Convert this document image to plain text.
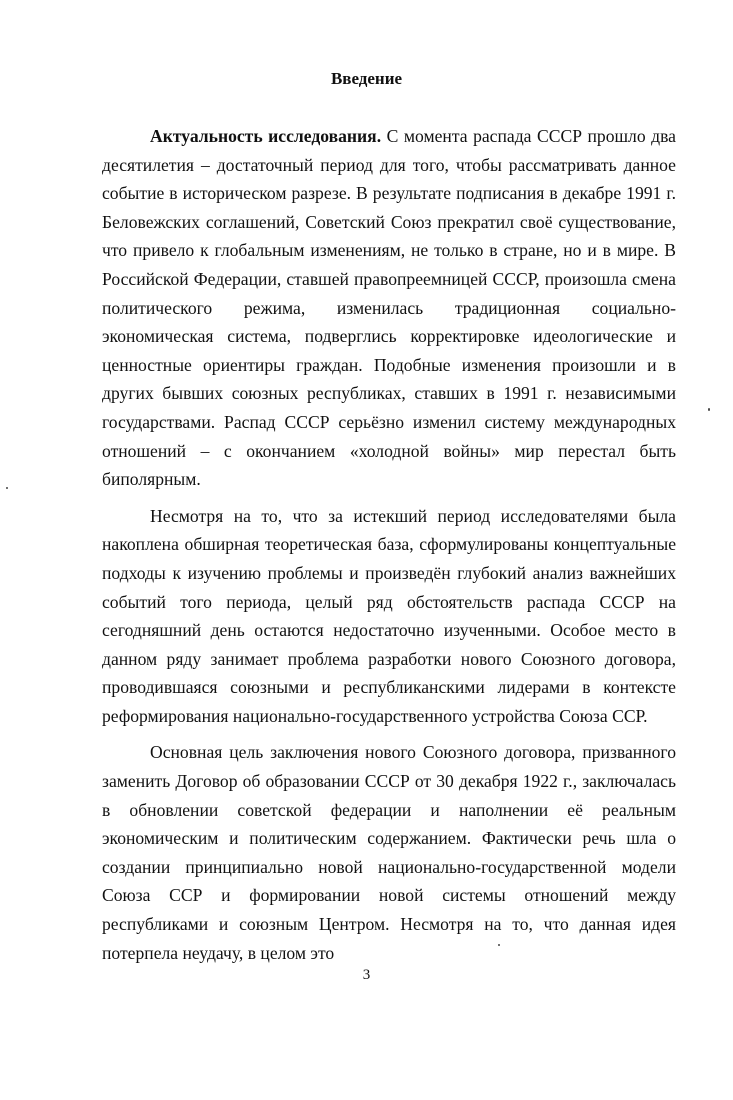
Введение

Актуальность исследования. С момента распада СССР прошло два десятилетия – достаточный период для того, чтобы рассматривать данное событие в историческом разрезе. В результате подписания в декабре 1991 г. Беловежских соглашений, Советский Союз прекратил своё существование, что привело к глобальным изменениям, не только в стране, но и в мире. В Российской Федерации, ставшей правопреемницей СССР, произошла смена политического режима, изменилась традиционная социально-экономическая система, подверглись корректировке идеологические и ценностные ориентиры граждан. Подобные изменения произошли и в других бывших союзных республиках, ставших в 1991 г. независимыми государствами. Распад СССР серьёзно изменил систему международных отношений – с окончанием «холодной войны» мир перестал быть биполярным.

Несмотря на то, что за истекший период исследователями была накоплена обширная теоретическая база, сформулированы концептуальные подходы к изучению проблемы и произведён глубокий анализ важнейших событий того периода, целый ряд обстоятельств распада СССР на сегодняшний день остаются недостаточно изученными. Особое место в данном ряду занимает проблема разработки нового Союзного договора, проводившаяся союзными и республиканскими лидерами в контексте реформирования национально-государственного устройства Союза ССР.

Основная цель заключения нового Союзного договора, призванного заменить Договор об образовании СССР от 30 декабря 1922 г., заключалась в обновлении советской федерации и наполнении её реальным экономическим и политическим содержанием. Фактически речь шла о создании принципиально новой национально-государственной модели Союза ССР и формировании новой системы отношений между республиками и союзным Центром. Несмотря на то, что данная идея потерпела неудачу, в целом это

3
